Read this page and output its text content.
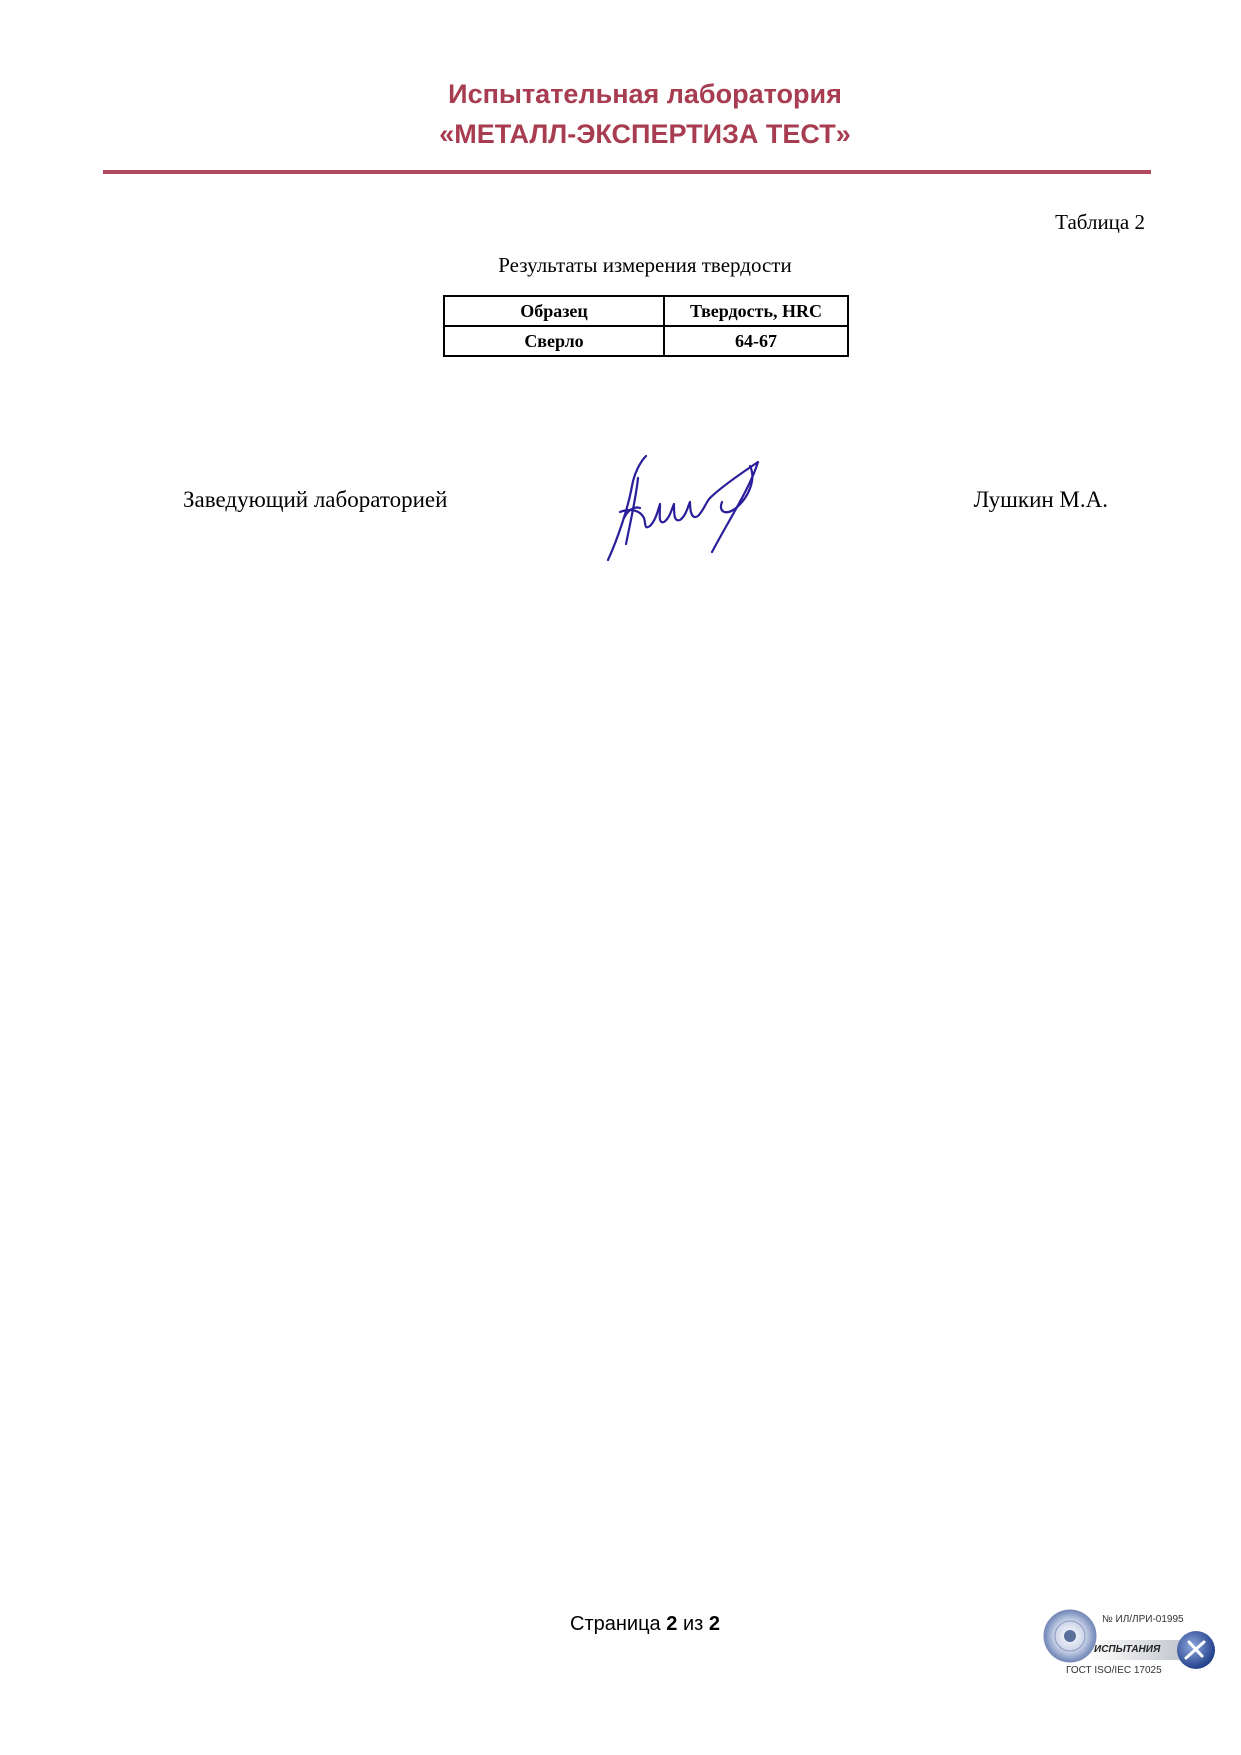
Испытательная лаборатория
«МЕТАЛЛ-ЭКСПЕРТИЗА ТЕСТ»
Таблица 2
Результаты измерения твердости
Образец	Твердость, HRC
Сверло	64-67
Заведующий лабораторией	Лушкин М.А.
Страница 2 из 2	№ ИЛ/ЛРИ-01995
ИСПЫТАНИЯ
ГОСТ ISO/IEC 17025
